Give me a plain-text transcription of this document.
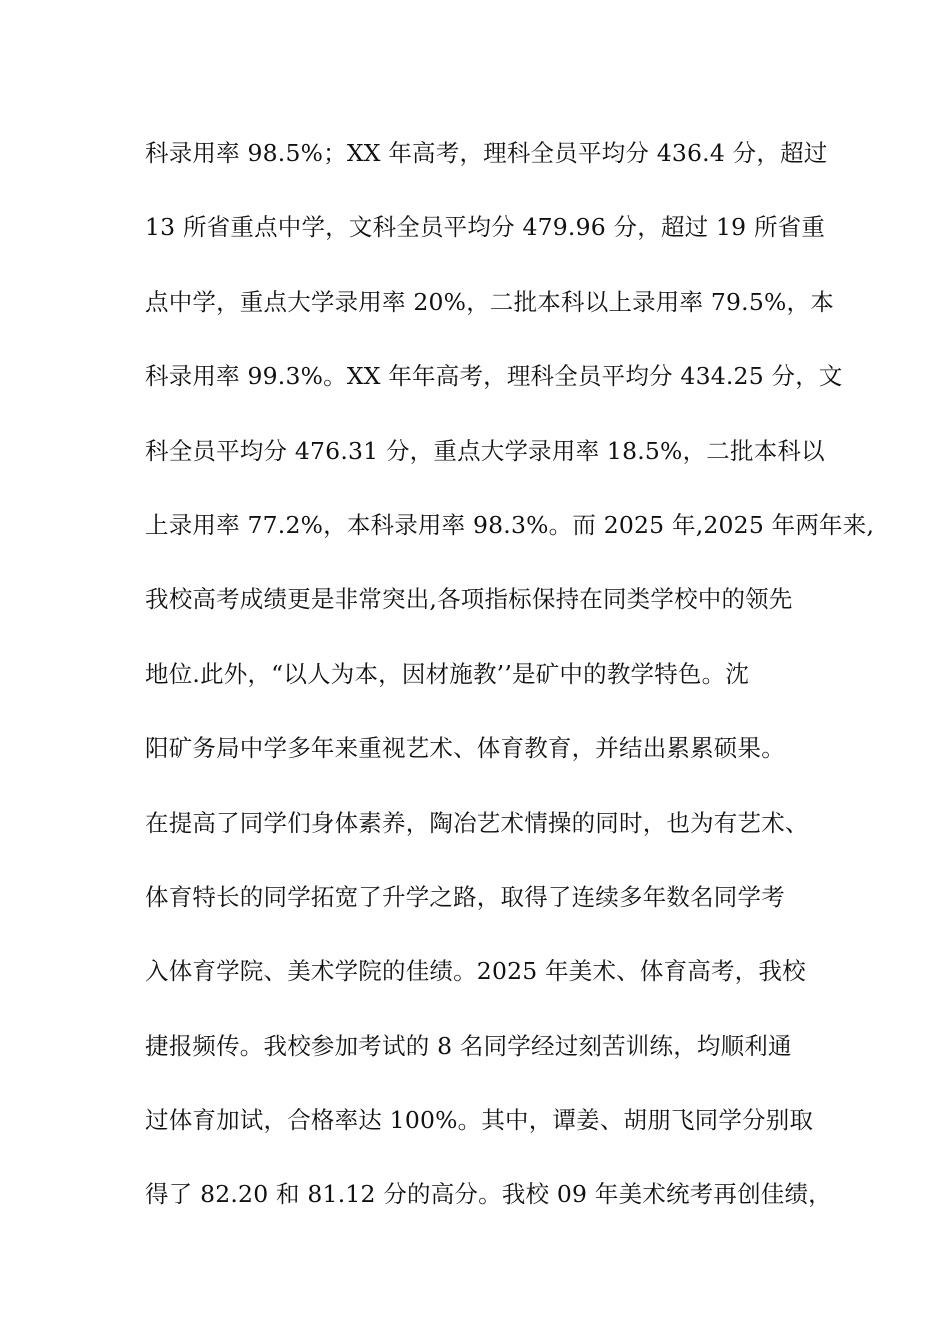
科录用率 98.5%；XX 年高考，理科全员平均分 436.4 分，超过
13 所省重点中学，文科全员平均分 479.96 分，超过 19 所省重
点中学，重点大学录用率 20%，二批本科以上录用率 79.5%，本
科录用率 99.3%。XX 年年高考，理科全员平均分 434.25 分，文
科全员平均分 476.31 分，重点大学录用率 18.5%，二批本科以
上录用率 77.2%，本科录用率 98.3%。而 2025 年,2025 年两年来,
我校高考成绩更是非常突出,各项指标保持在同类学校中的领先
地位.此外，“以人为本，因材施教’’是矿中的教学特色。沈
阳矿务局中学多年来重视艺术、体育教育，并结出累累硕果。
在提高了同学们身体素养，陶冶艺术情操的同时，也为有艺术、
体育特长的同学拓宽了升学之路，取得了连续多年数名同学考
入体育学院、美术学院的佳绩。2025 年美术、体育高考，我校
捷报频传。我校参加考试的 8 名同学经过刻苦训练，均顺利通
过体育加试，合格率达 100%。其中，谭姜、胡朋飞同学分别取
得了 82.20 和 81.12 分的高分。我校 09 年美术统考再创佳绩，
